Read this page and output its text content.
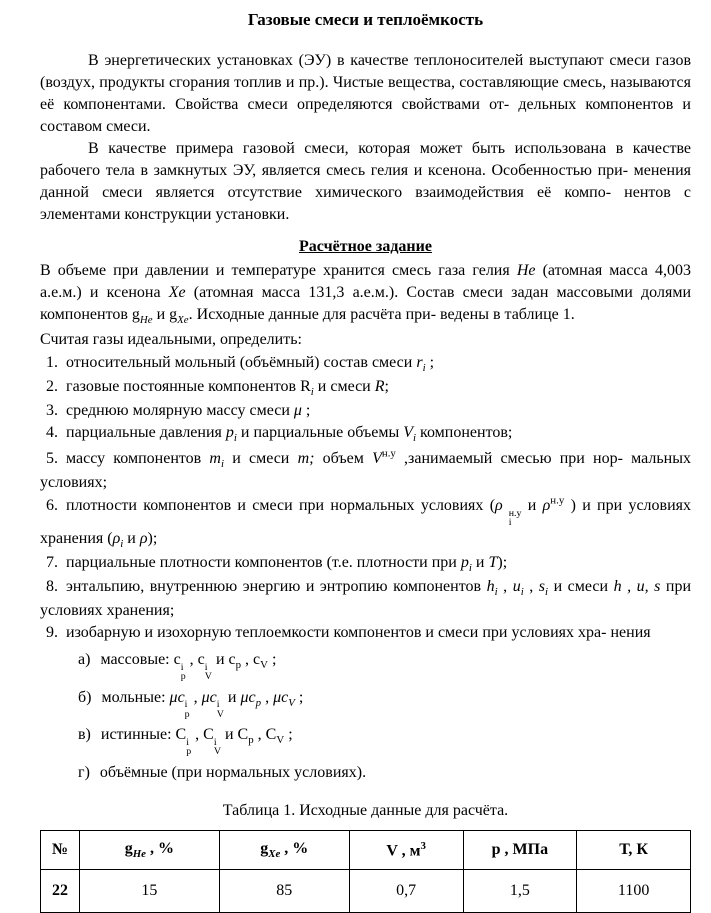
Газовые смеси и теплоёмкость

В энергетических установках (ЭУ) в качестве теплоносителей выступают смеси газов (воздух, продукты сгорания топлив и пр.). Чистые вещества, составляющие смесь, называются её компонентами. Свойства смеси определяются свойствами от- дельных компонентов и составом смеси.

В качестве примера газовой смеси, которая может быть использована в качестве рабочего тела в замкнутых ЭУ, является смесь гелия и ксенона. Особенностью при- менения данной смеси является отсутствие химического взаимодействия её компо- нентов с элементами конструкции установки.

Расчётное задание

В объеме при давлении и температуре хранится смесь газа гелия He (атомная масса 4,003 а.е.м.) и ксенона Xe (атомная масса 131,3 а.е.м.). Состав смеси задан массовыми долями компонентов $g_{He}$ и $g_{Xe}$. Исходные данные для расчёта при- ведены в таблице 1.

Считая газы идеальными, определить:
1. относительный мольный (объёмный) состав смеси $r_i$ ;
2. газовые постоянные компонентов $R_i$ и смеси R;
3. среднюю молярную массу смеси μ ;
4. парциальные давления $p_i$ и парциальные объемы $V_i$ компонентов;
5. массу компонентов $m_i$ и смеси m; объем $V^{н.у}$ ,занимаемый смесью при нор- мальных условиях;
6. плотности компонентов и смеси при нормальных условиях (ρ н.у
i
и $\rho^{н.у}$ ) и при условиях хранения ($\rho_i$ и ρ);
7. парциальные плотности компонентов (т.е. плотности при $p_i$ и T);
8. энтальпию, внутреннюю энергию и энтропию компонентов $h_i$ , $u_i$ , $s_i$ и смеси h , u, s при условиях хранения;
9. изобарную и изохорную теплоемкости компонентов и смеси при условиях хра- нения
а) массовые: c i
p
, c i
V
и $c_p$ , $c_V$ ;
б) мольные: μc i
p
, μc i
V
и $\mu c_p$ , $\mu c_V$ ;
в) истинные: C i
p
, C i
V
и $C_p$ , $C_V$ ;
г) объёмные (при нормальных условиях).
Таблица 1. Исходные данные для расчёта.
№	$g_{He}$ , %	$g_{Xe}$ , %	V , $м^3$	p , МПа	Т, К
22	15	85	0,7	1,5	1100
